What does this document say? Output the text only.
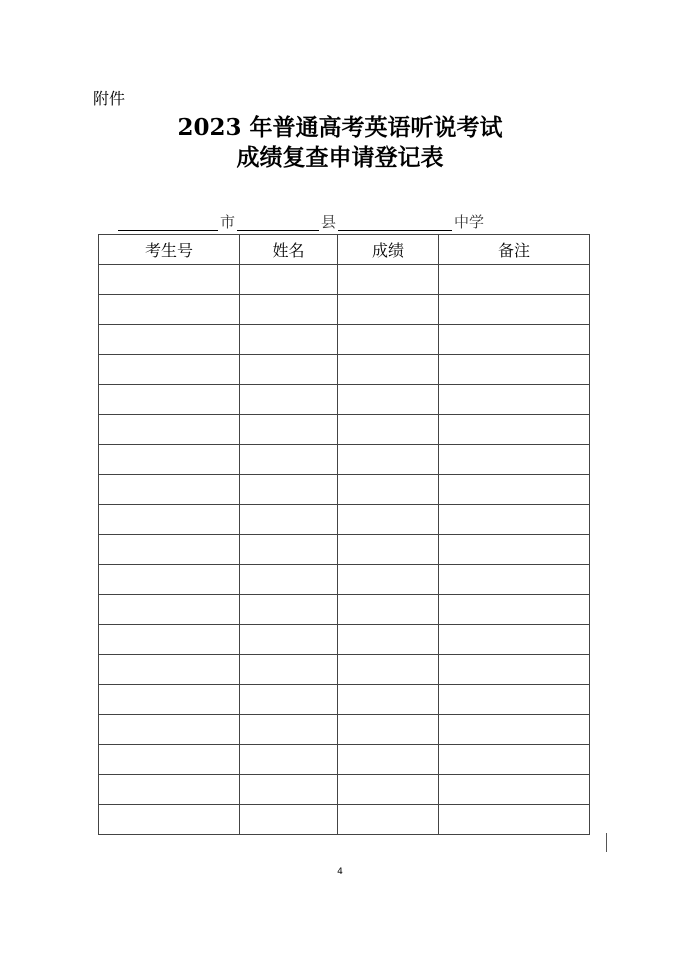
附件
2023 年普通高考英语听说考试
成绩复查申请登记表
市	县	中学
考生号	姓名	成绩	备注

4
